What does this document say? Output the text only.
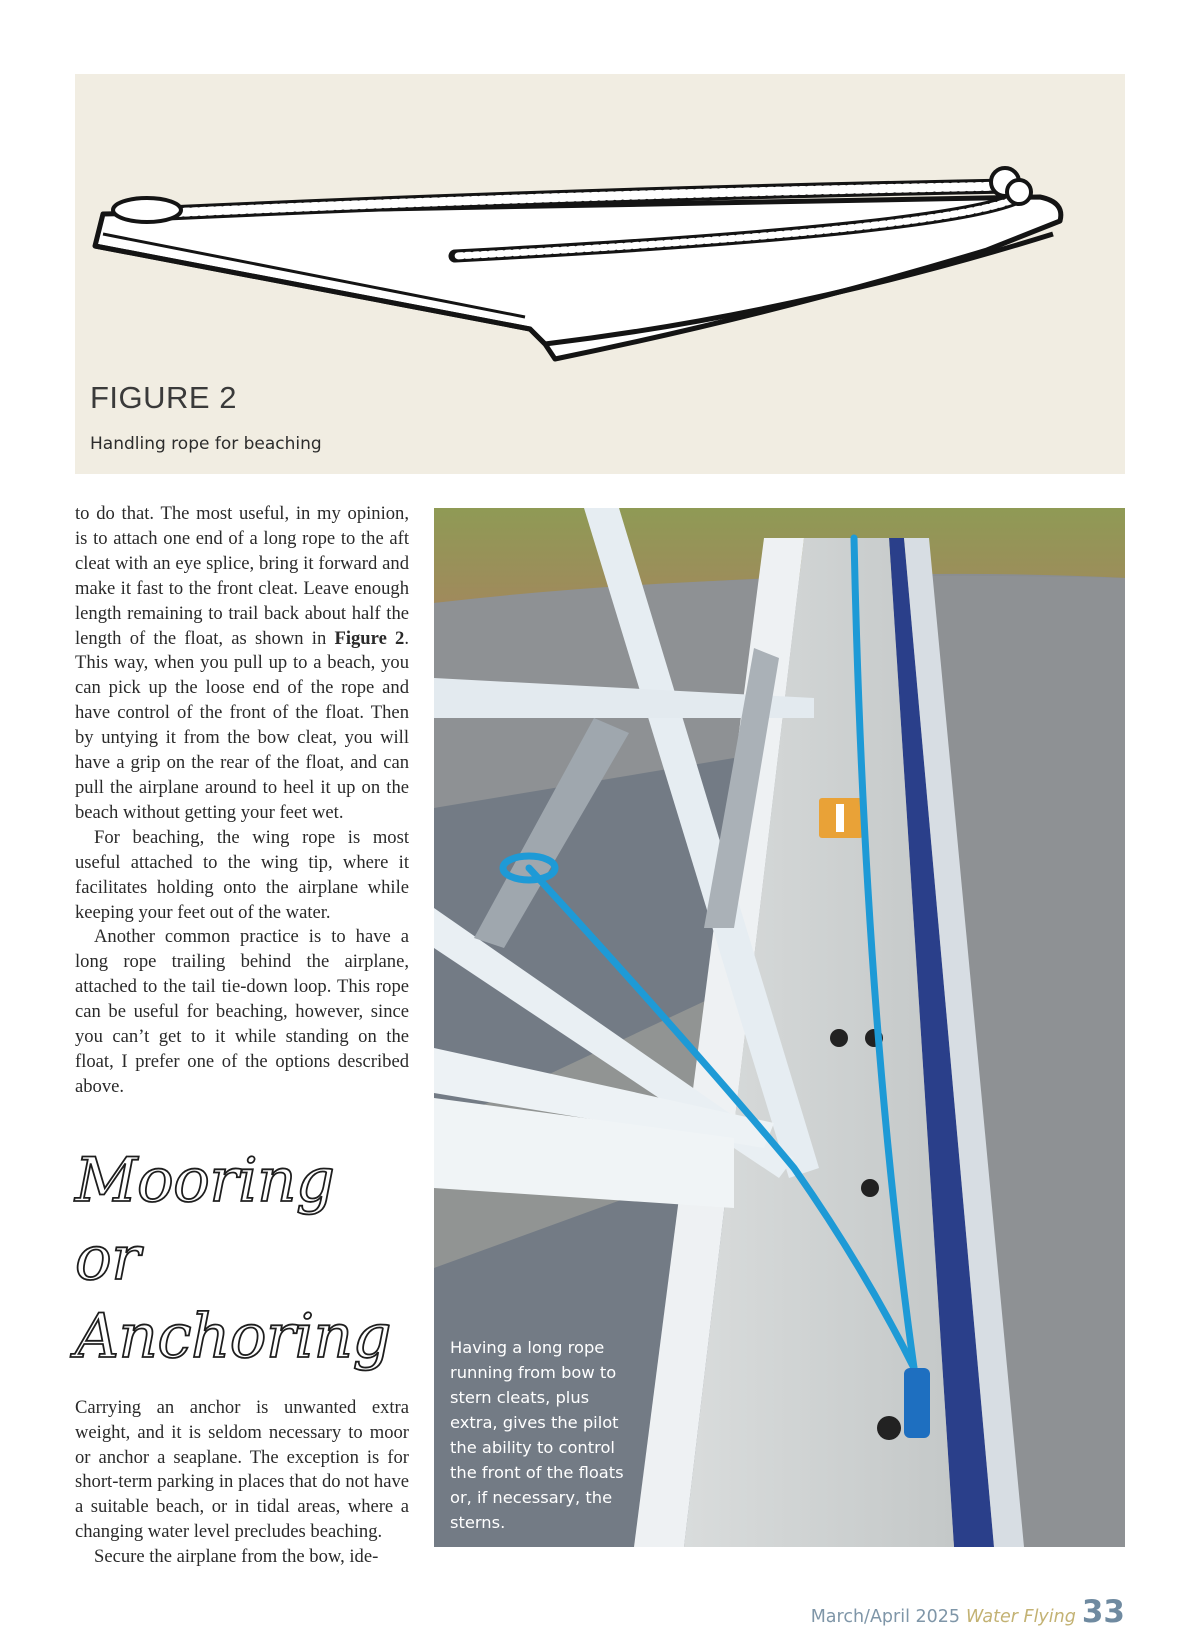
FIGURE 2
Handling rope for beaching

to do that. The most useful, in my opinion, is to attach one end of a long rope to the aft cleat with an eye splice, bring it forward and make it fast to the front cleat. Leave enough length remaining to trail back about half the length of the float, as shown in Figure 2. This way, when you pull up to a beach, you can pick up the loose end of the rope and have control of the front of the float. Then by untying it from the bow cleat, you will have a grip on the rear of the float, and can pull the airplane around to heel it up on the beach without getting your feet wet.

For beaching, the wing rope is most useful attached to the wing tip, where it facilitates holding onto the airplane while keeping your feet out of the water.

Another common practice is to have a long rope trailing behind the airplane, attached to the tail tie-down loop. This rope can be useful for beaching, however, since you can’t get to it while standing on the float, I prefer one of the options described above.

Mooring or Anchoring

Carrying an anchor is unwanted extra weight, and it is seldom necessary to moor or anchor a seaplane. The exception is for short-term parking in places that do not have a suitable beach, or in tidal areas, where a changing water level precludes beaching.

Secure the airplane from the bow, ide-

Having a long rope running from bow to stern cleats, plus extra, gives the pilot the ability to control the front of the floats or, if necessary, the sterns.
March/April 2025 Water Flying 33
